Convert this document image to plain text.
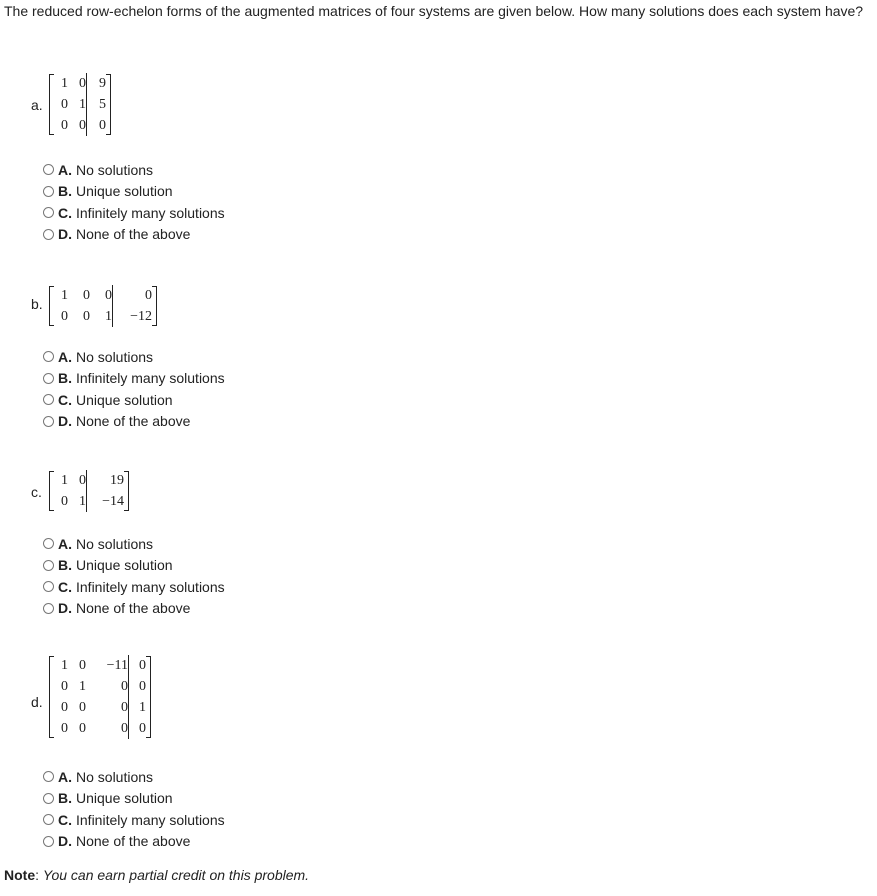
The reduced row-echelon forms of the augmented matrices of four systems are given below. How many solutions does each system have?
a.
1 0 9
0 1 5
0 0 0
A. No solutions
B. Unique solution
C. Infinitely many solutions
D. None of the above
b.
1	0	0	0
0	0	1	−12
A. No solutions
B. Infinitely many solutions
C. Unique solution
D. None of the above
c.
1 0	19
0 1	−14
A. No solutions
B. Unique solution
C. Infinitely many solutions
D. None of the above
d.
1 0	−11 0
0 1	0 0
0 0	0 1
0 0	0 0
A. No solutions
B. Unique solution
C. Infinitely many solutions
D. None of the above
Note: You can earn partial credit on this problem.
